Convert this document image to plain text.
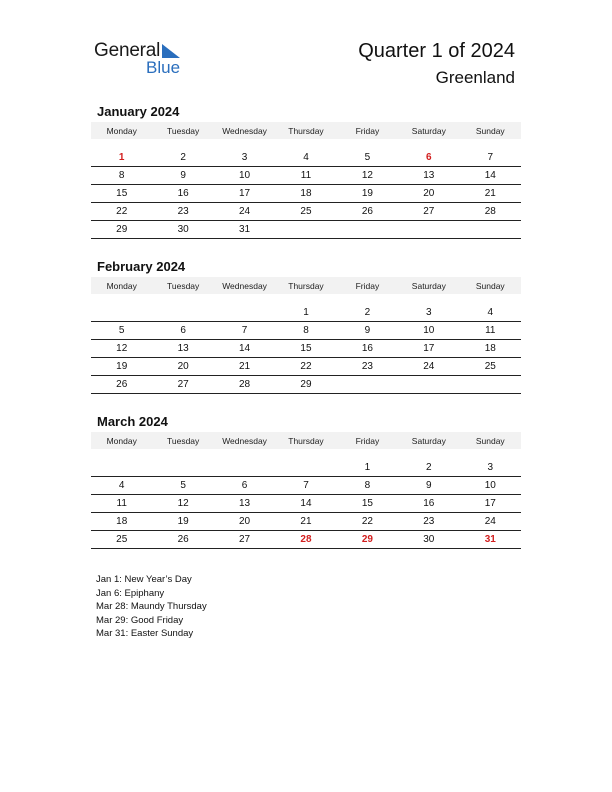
General
Blue
Quarter 1 of 2024
Greenland
January 2024
Monday	Tuesday	Wednesday	Thursday	Friday	Saturday	Sunday

1	2	3	4	5	6	7
8	9	10	11	12	13	14
15	16	17	18	19	20	21
22	23	24	25	26	27	28
29	30	31				
February 2024
Monday	Tuesday	Wednesday	Thursday	Friday	Saturday	Sunday

			1	2	3	4
5	6	7	8	9	10	11
12	13	14	15	16	17	18
19	20	21	22	23	24	25
26	27	28	29			
March 2024
Monday	Tuesday	Wednesday	Thursday	Friday	Saturday	Sunday

				1	2	3
4	5	6	7	8	9	10
11	12	13	14	15	16	17
18	19	20	21	22	23	24
25	26	27	28	29	30	31
Jan 1: New Year’s Day
Jan 6: Epiphany
Mar 28: Maundy Thursday
Mar 29: Good Friday
Mar 31: Easter Sunday
